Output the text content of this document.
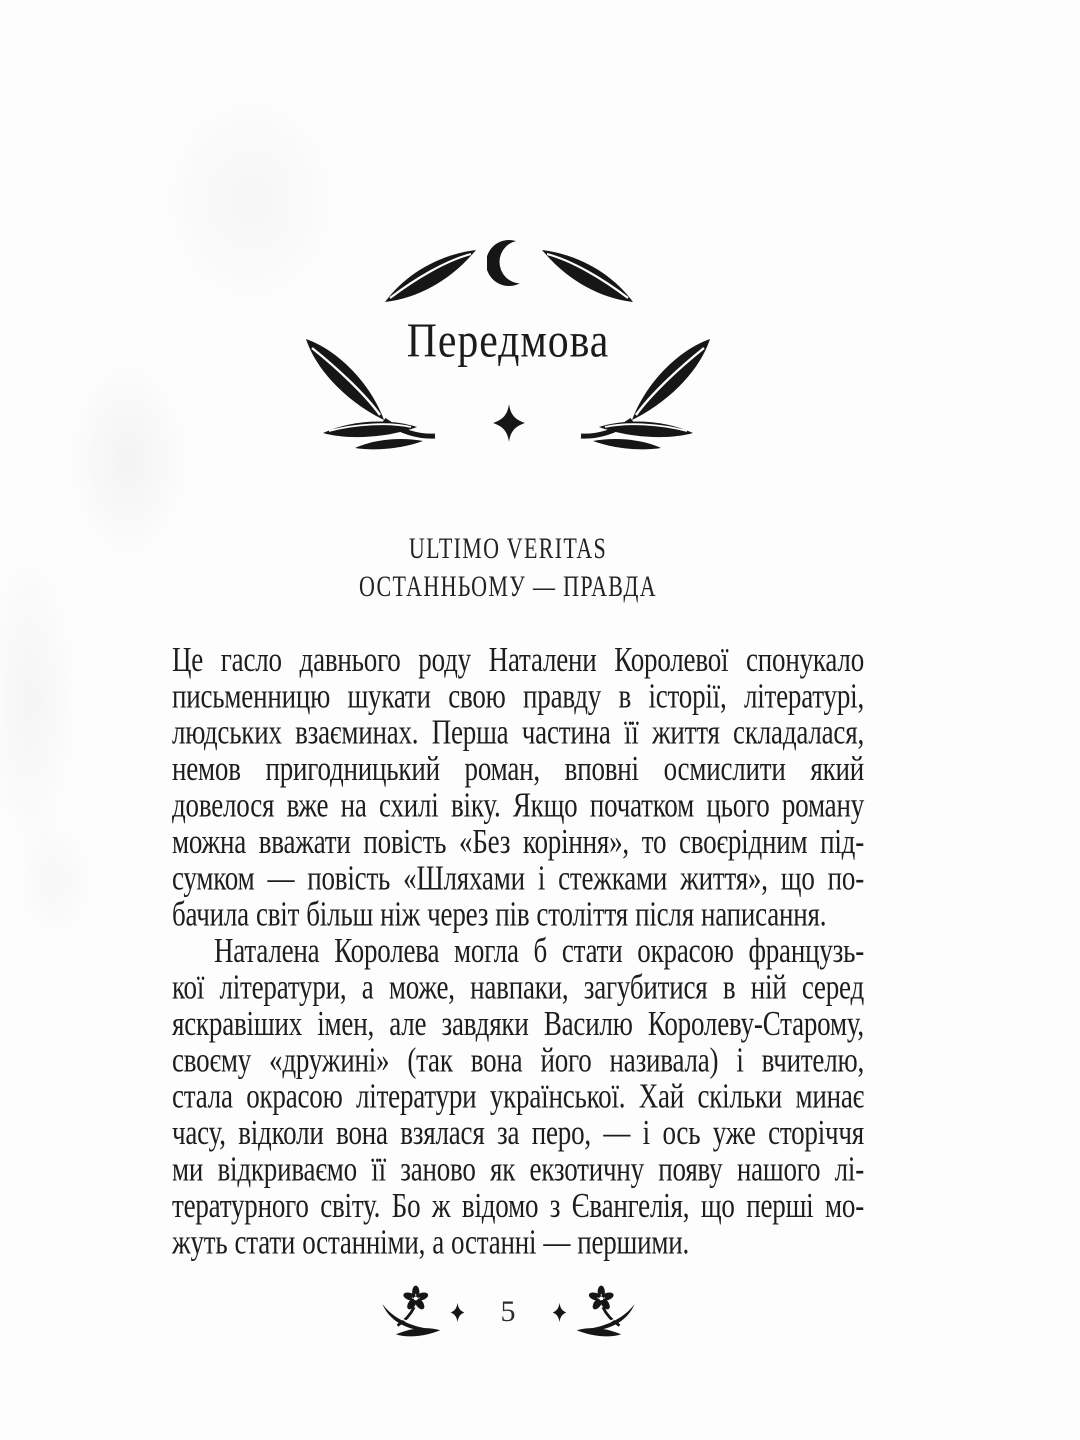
Передмова
ULTIMO VERITAS
ОСТАННЬОМУ — ПРАВДА

Це гасло давнього роду Наталени Королевої спонукало
письменницю шукати свою правду в історії, літературі,
людських взаєминах. Перша частина її життя складалася,
немов пригодницький роман, вповні осмислити який
довелося вже на схилі віку. Якщо початком цього роману
можна вважати повість «Без коріння», то своєрідним під-
сумком — повість «Шляхами і стежками життя», що по-
бачила світ більш ніж через пів століття після написання.

Наталена Королева могла б стати окрасою французь-
кої літератури, а може, навпаки, загубитися в ній серед
яскравіших імен, але завдяки Василю Королеву-Старому,
своєму «дружині» (так вона його називала) і вчителю,
стала окрасою літератури української. Хай скільки минає
часу, відколи вона взялася за перо, — і ось уже сторіччя
ми відкриваємо її заново як екзотичну появу нашого лі-
тературного світу. Бо ж відомо з Євангелія, що перші мо-
жуть стати останніми, а останні — першими.

5
